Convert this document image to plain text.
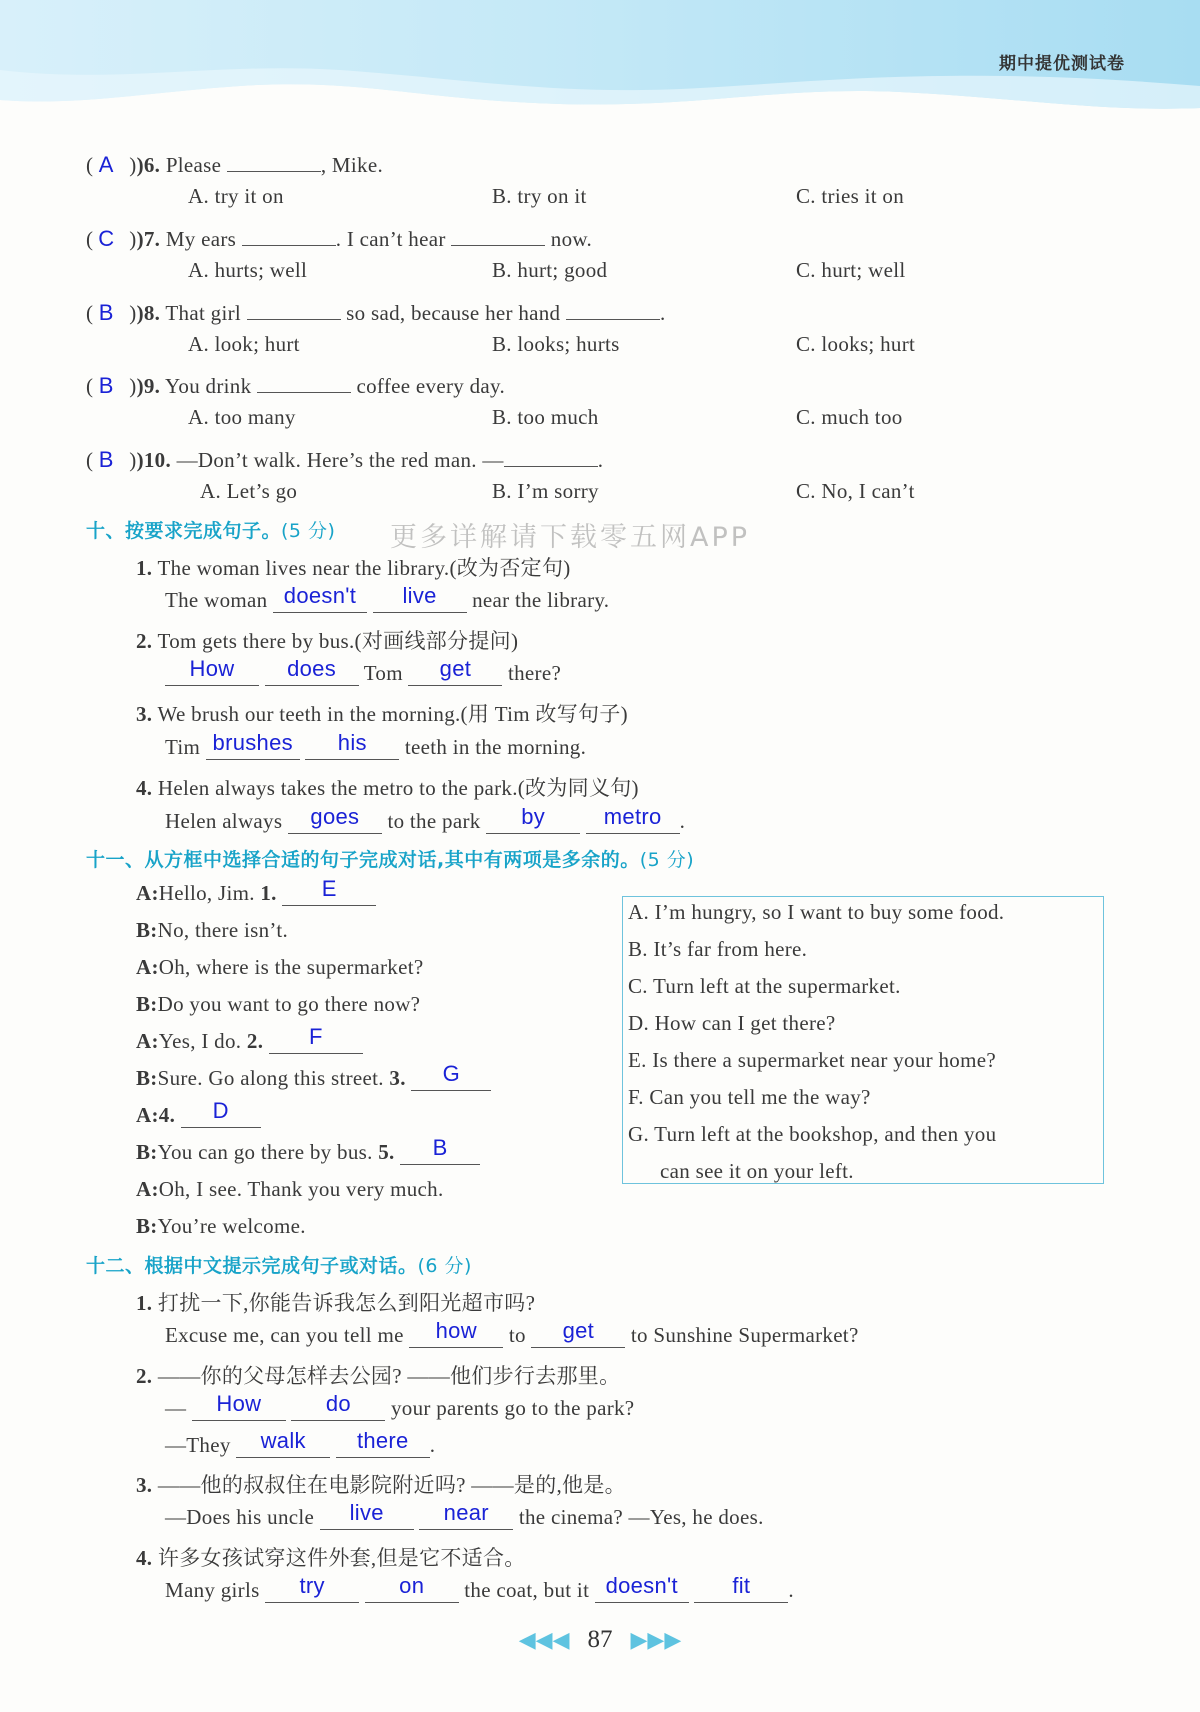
期中提优测试卷
更多详解请下载零五网APP
( A ))6. Please	, Mike.
A. try it on	B. try on it	C. tries it on
( C ))7. My ears	. I can’t hear	now.
A. hurts; well	B. hurt; good	C. hurt; well
( B ))8. That girl	so sad, because her hand	.
A. look; hurt	B. looks; hurts	C. looks; hurt
( B ))9. You drink	coffee every day.
A. too many	B. too much	C. much too
( B ))10. —Don’t walk. Here’s the red man. —	.
A. Let’s go	B. I’m sorry	C. No, I can’t
十、按要求完成句子。(5 分)
1. The woman lives near the library.(改为否定句)
The woman doesn't live near the library.
2. Tom gets there by bus.(对画线部分提问)
How does Tom get there?
3. We brush our teeth in the morning.(用 Tim 改写句子)
Tim brushes his teeth in the morning.
4. Helen always takes the metro to the park.(改为同义句)
Helen always goes to the park by	metro .
十一、从方框中选择合适的句子完成对话,其中有两项是多余的。(5 分)
A:Hello, Jim. 1. E
B:No, there isn’t.
A:Oh, where is the supermarket?
B:Do you want to go there now?
A:Yes, I do. 2. F
B:Sure. Go along this street. 3. G
A:4. D
B:You can go there by bus. 5. B
A:Oh, I see. Thank you very much.
B:You’re welcome.
A. I’m hungry, so I want to buy some food.
B. It’s far from here.
C. Turn left at the supermarket.
D. How can I get there?
E. Is there a supermarket near your home?
F. Can you tell me the way?
G. Turn left at the bookshop, and then you
can see it on your left.
十二、根据中文提示完成句子或对话。(6 分)
1. 打扰一下,你能告诉我怎么到阳光超市吗?
Excuse me, can you tell me how to get to Sunshine Supermarket?
2. ——你的父母怎样去公园? ——他们步行去那里。
— How	do your parents go to the park?
—They walk there .
3. ——他的叔叔住在电影院附近吗? ——是的,他是。
—Does his uncle live	near the cinema? —Yes, he does.
4. 许多女孩试穿这件外套,但是它不适合。
Many girls try	on the coat, but it doesn't fit .
◀◀◀ 87 ▶▶▶
